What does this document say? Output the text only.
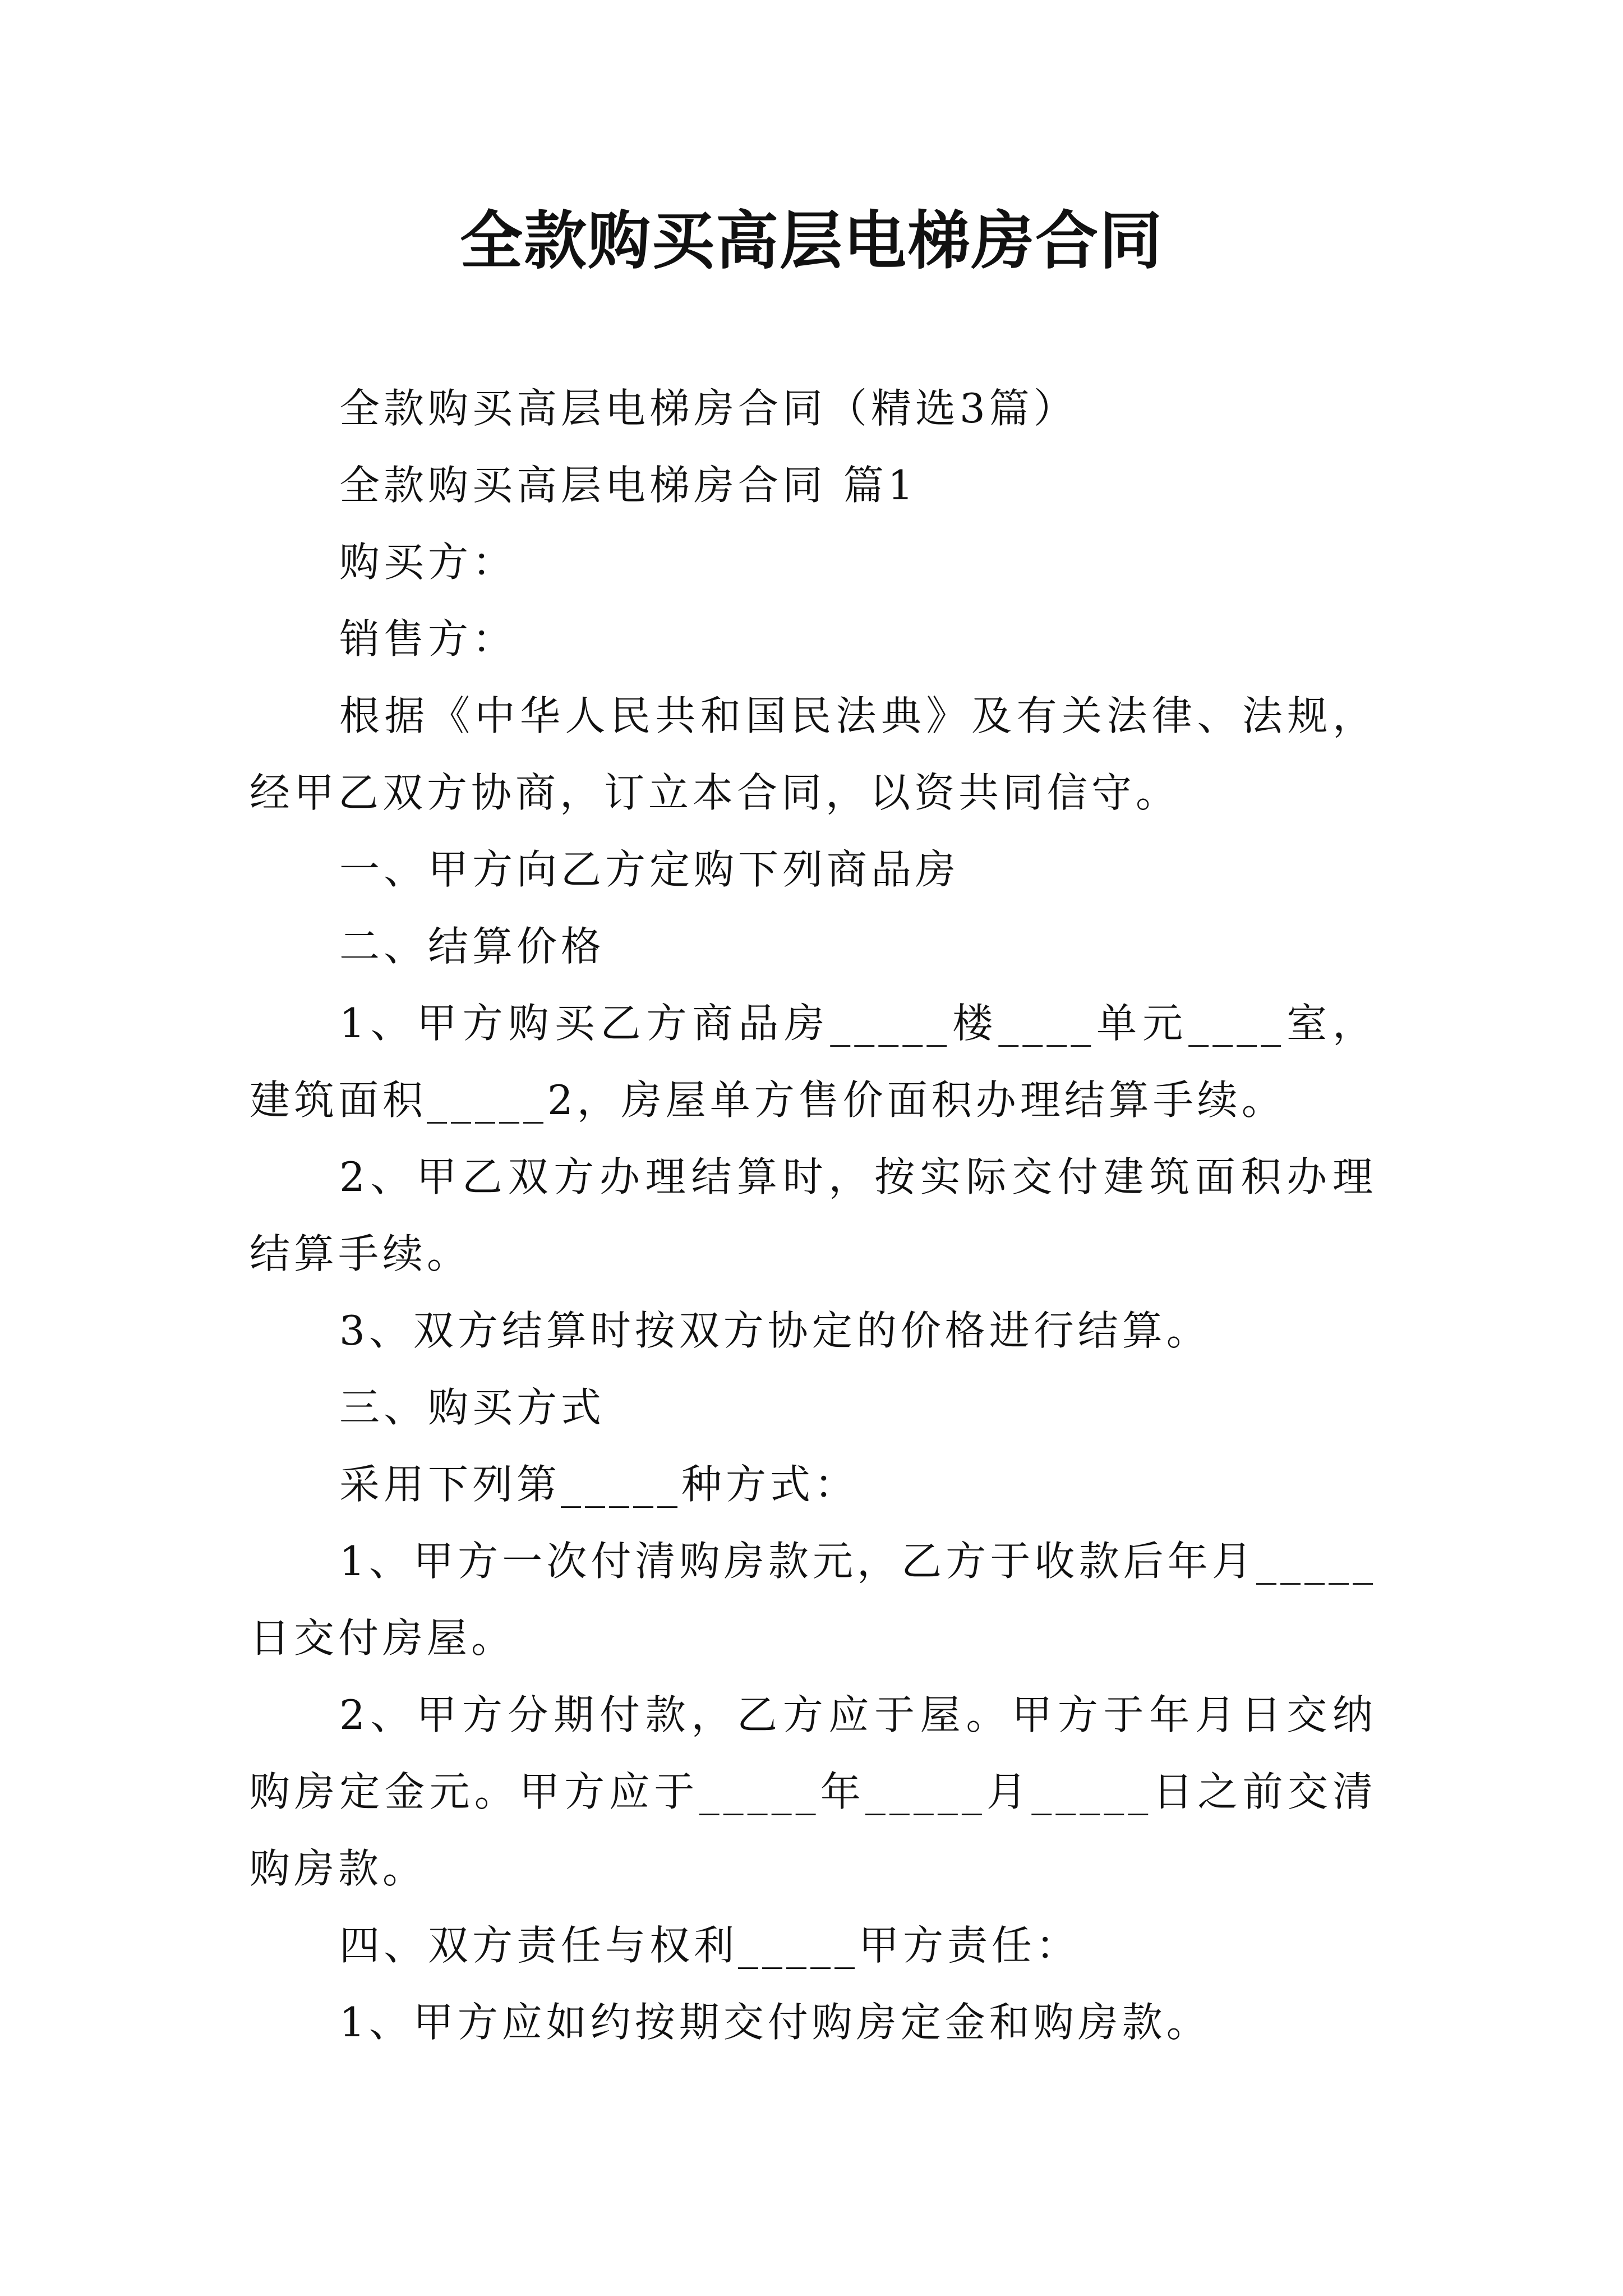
全款购买高层电梯房合同

全款购买高层电梯房合同（精选3篇）

全款购买高层电梯房合同 篇1

购买方：

销售方：

根据《中华人民共和国民法典》及有关法律、法规，经甲乙双方协商，订立本合同，以资共同信守。

一、甲方向乙方定购下列商品房

二、结算价格

1、甲方购买乙方商品房_____楼____单元____室，建筑面积_____2，房屋单方售价面积办理结算手续。

2、甲乙双方办理结算时，按实际交付建筑面积办理结算手续。

3、双方结算时按双方协定的价格进行结算。

三、购买方式

采用下列第_____种方式：

1、甲方一次付清购房款元，乙方于收款后年月_____日交付房屋。

2、甲方分期付款，乙方应于屋。甲方于年月日交纳购房定金元。甲方应于_____年_____月_____日之前交清购房款。

四、双方责任与权利_____甲方责任：

1、甲方应如约按期交付购房定金和购房款。
